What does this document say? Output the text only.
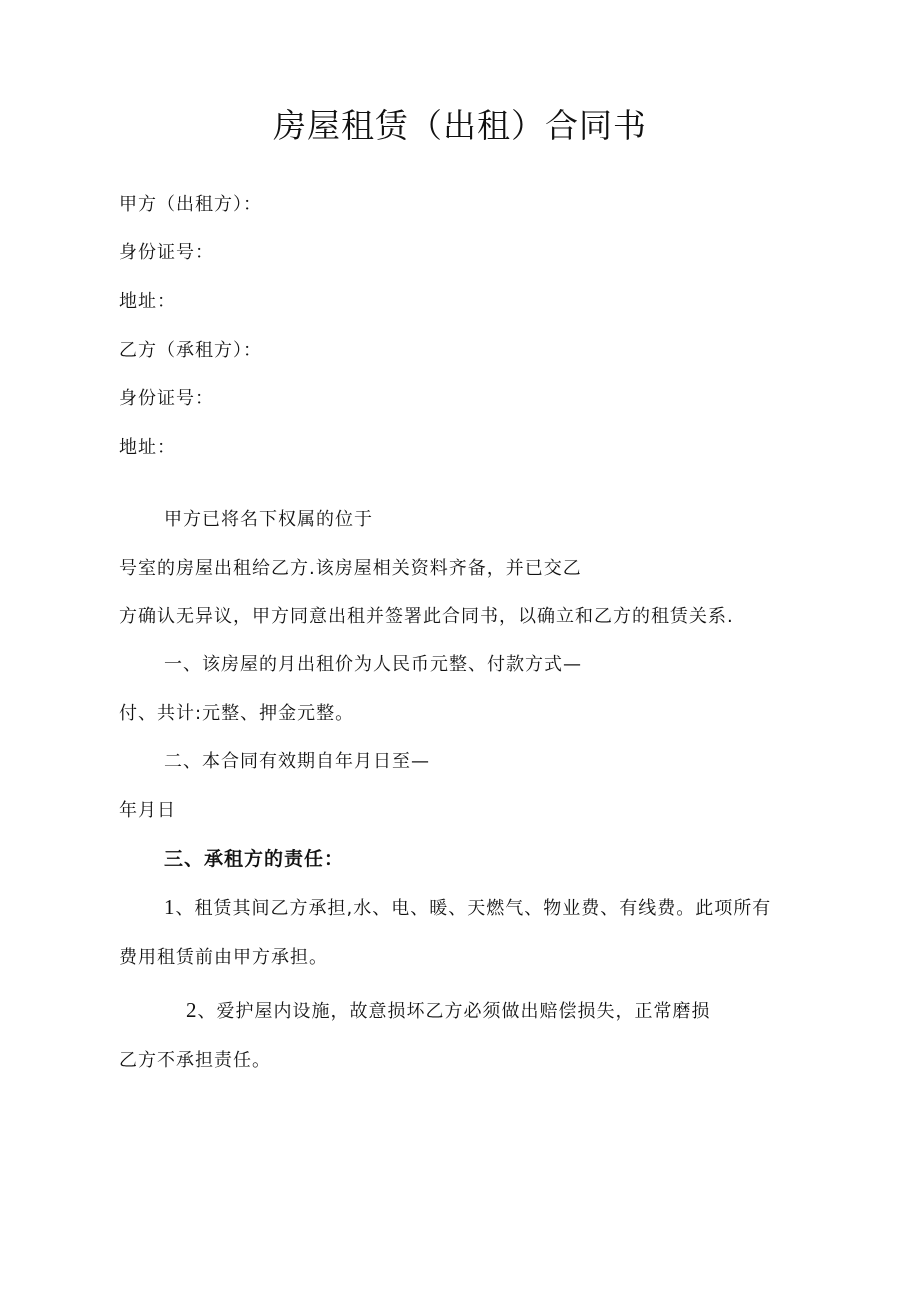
房屋租赁（出租）合同书
甲方（出租方）：
身份证号：
地址：
乙方（承租方）：
身份证号：
地址：
甲方已将名下权属的位于
号室的房屋出租给乙方.该房屋相关资料齐备，并已交乙
方确认无异议，甲方同意出租并签署此合同书，以确立和乙方的租赁关系.
一、该房屋的月出租价为人民币元整、付款方式—
付、共计:元整、押金元整。
二、本合同有效期自年月日至—
年月日
三、承租方的责任：
1、租赁其间乙方承担,水、电、暖、天燃气、物业费、有线费。此项所有
费用租赁前由甲方承担。
2、爱护屋内设施，故意损坏乙方必须做出赔偿损失，正常磨损
乙方不承担责任。
